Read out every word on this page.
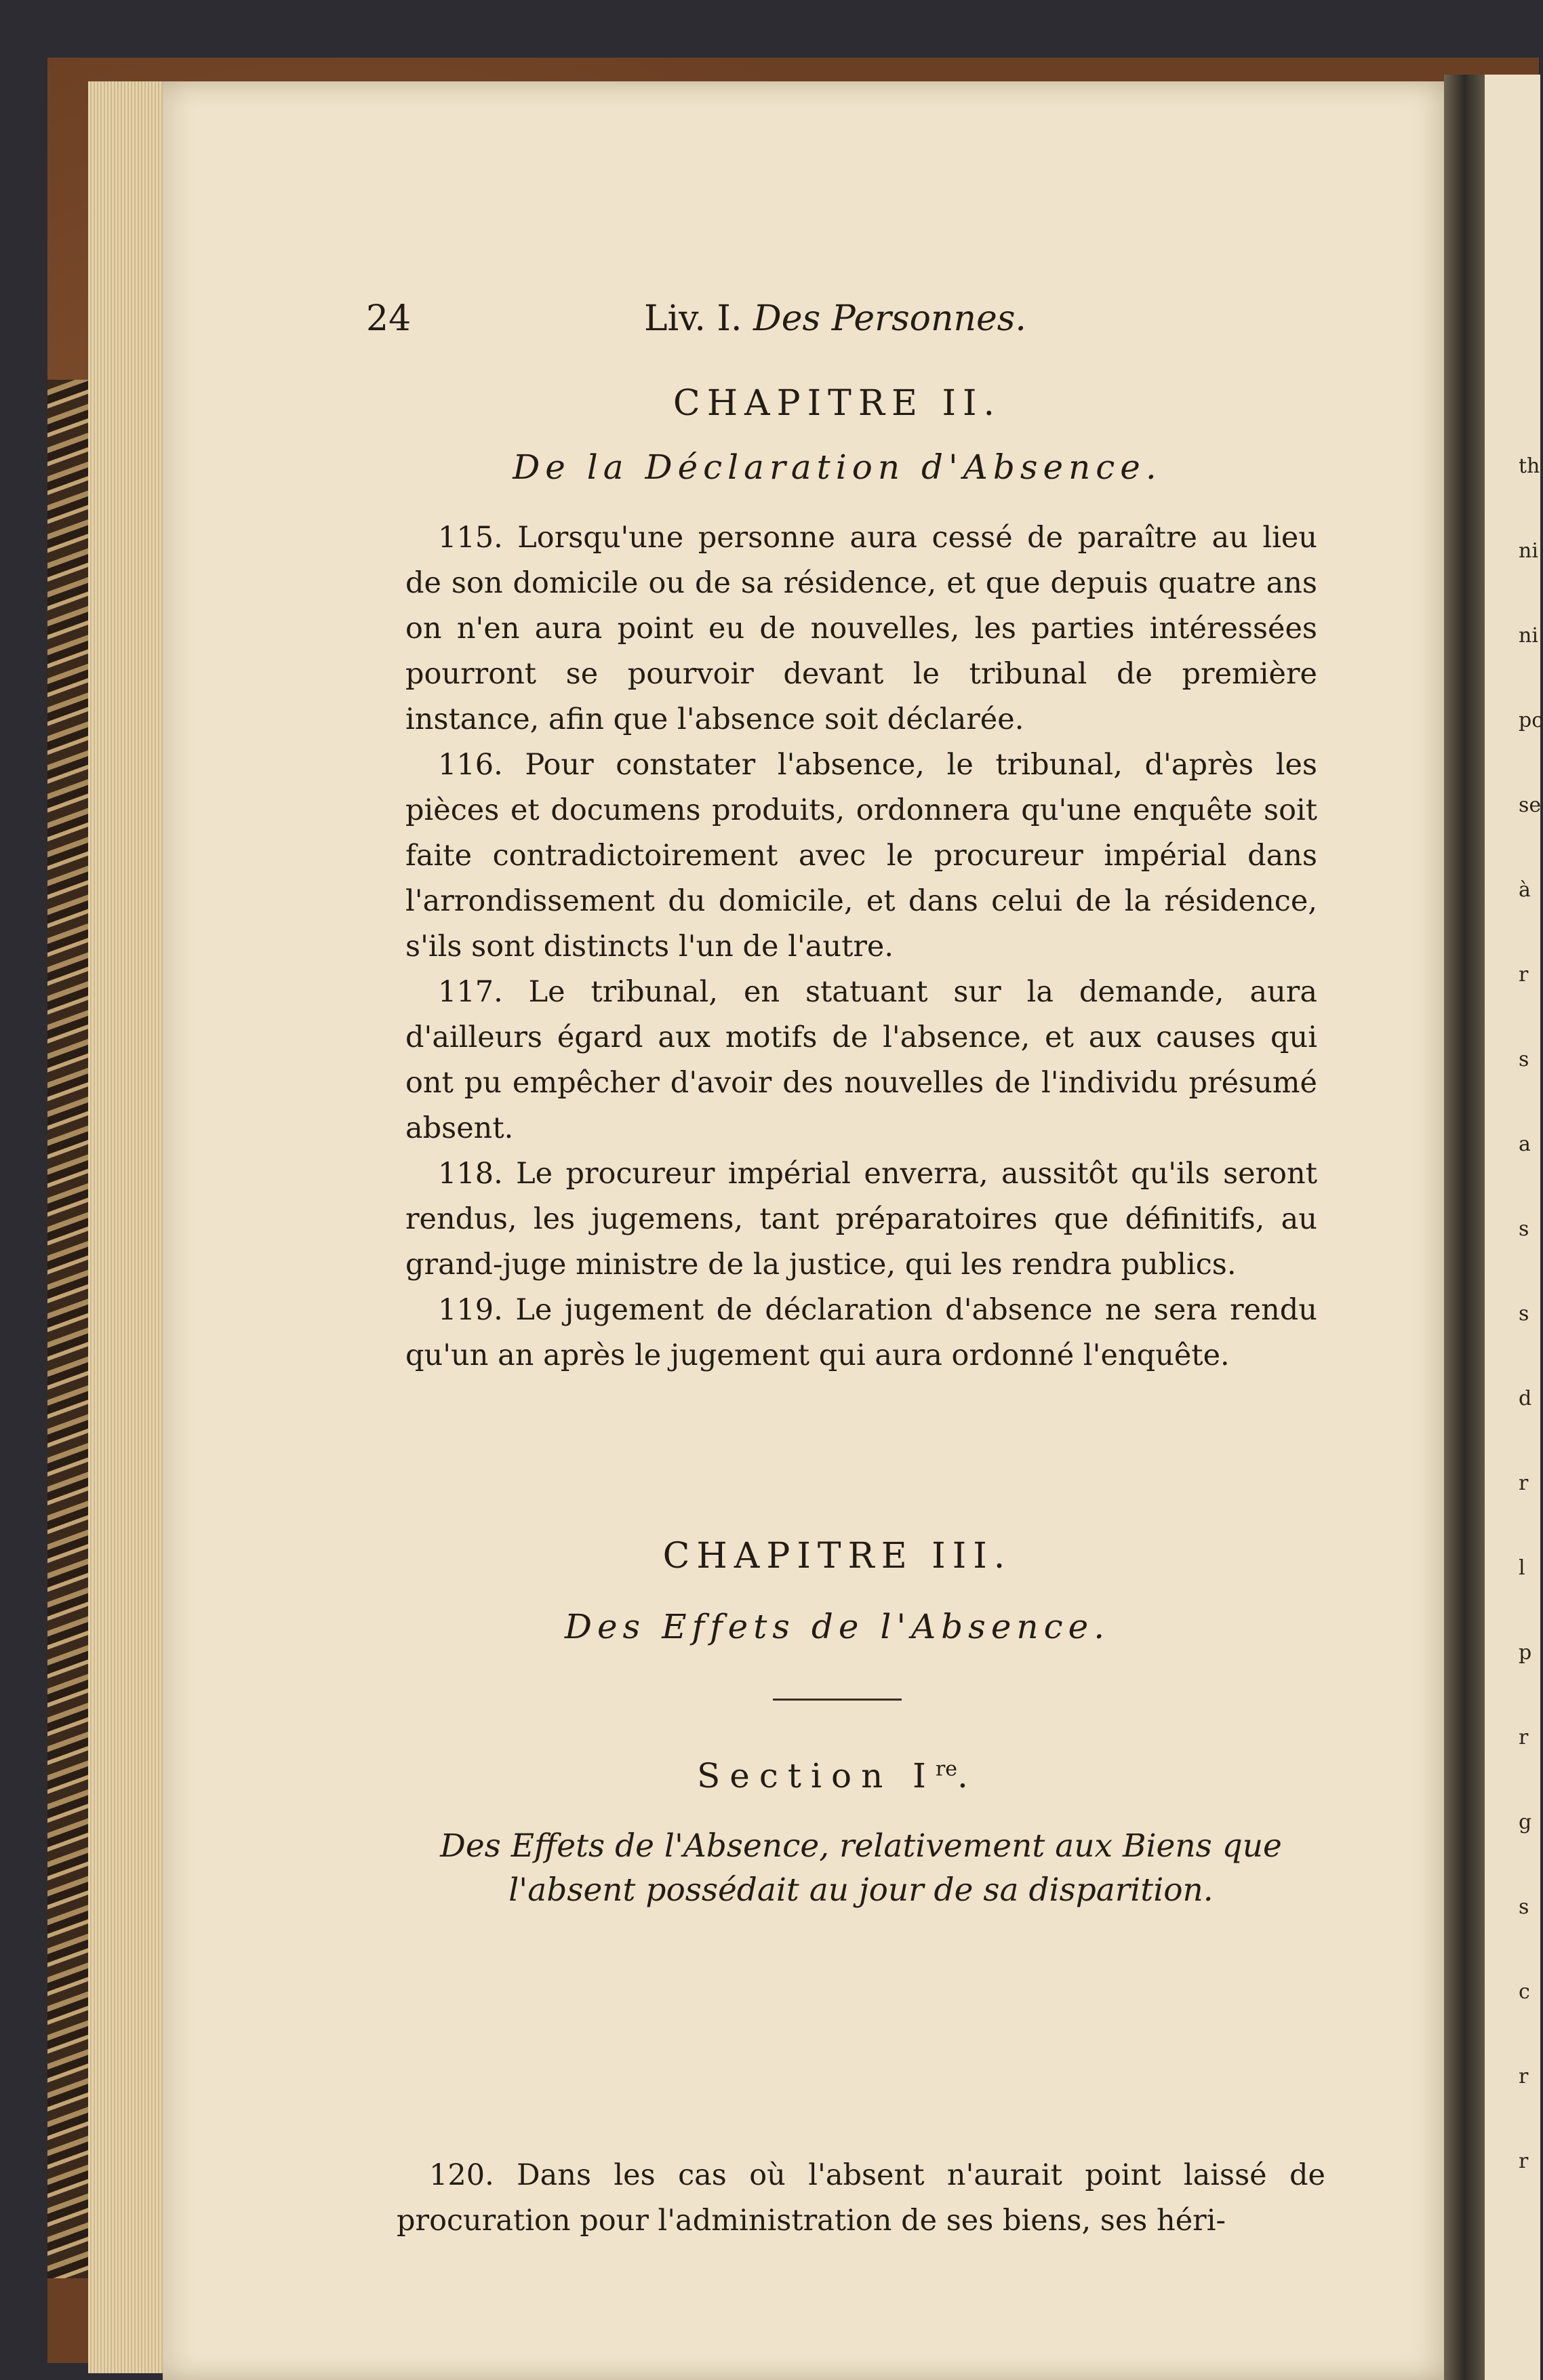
th
ni
ni
pc
se
à
r
s
a
s
s
d
r
l
p
r
g
s
c
r
r
24	Liv. I. Des Personnes.
CHAPITRE II.
De la Déclaration d'Absence.

115. Lorsqu'une personne aura cessé de paraître au lieu de son domicile ou de sa résidence, et que depuis quatre ans on n'en aura point eu de nouvelles, les parties intéressées pourront se pourvoir devant le tribunal de première instance, afin que l'absence soit déclarée.

116. Pour constater l'absence, le tribunal, d'après les pièces et documens produits, ordonnera qu'une enquête soit faite contradictoirement avec le procureur impérial dans l'arrondissement du domicile, et dans celui de la résidence, s'ils sont distincts l'un de l'autre.

117. Le tribunal, en statuant sur la demande, aura d'ailleurs égard aux motifs de l'absence, et aux causes qui ont pu empêcher d'avoir des nouvelles de l'individu présumé absent.

118. Le procureur impérial enverra, aussitôt qu'ils seront rendus, les jugemens, tant préparatoires que définitifs, au grand-juge ministre de la justice, qui les rendra publics.

119. Le jugement de déclaration d'absence ne sera rendu qu'un an après le jugement qui aura ordonné l'enquête.

CHAPITRE III.
Des Effets de l'Absence.
Section Ire.
Des Effets de l'Absence, relativement aux Biens que
l'absent possédait au jour de sa disparition.

120. Dans les cas où l'absent n'aurait point laissé de procuration pour l'administration de ses biens, ses héri-
